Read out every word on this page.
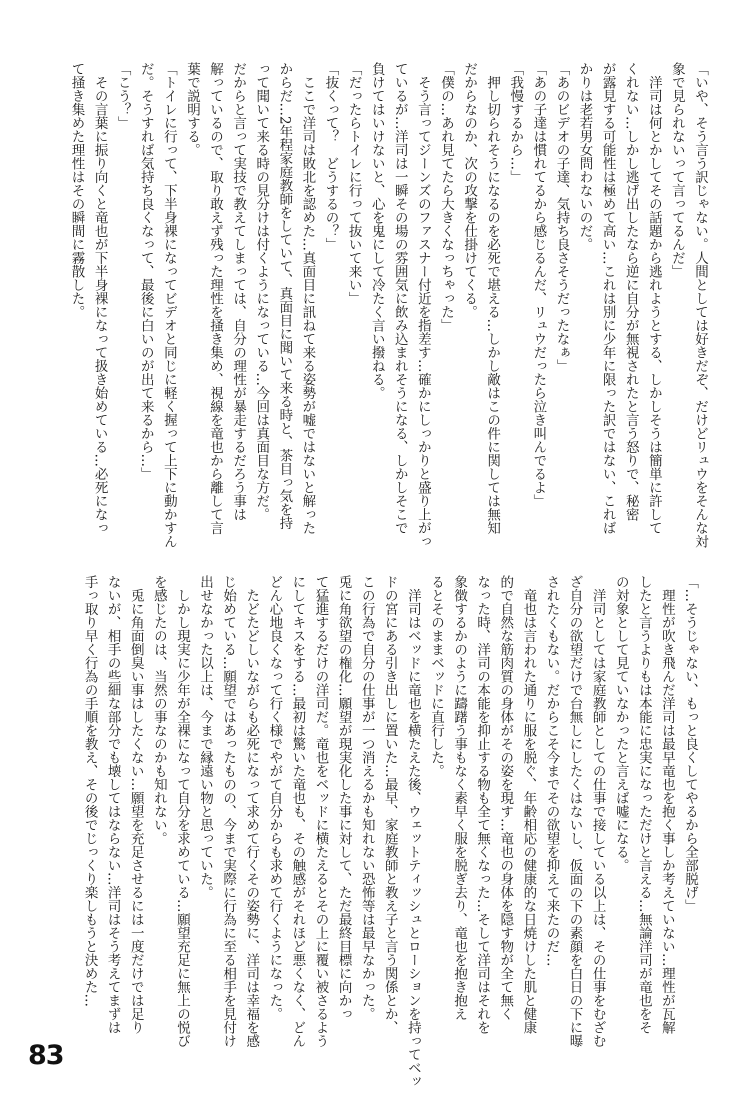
「いや、そう言う訳じゃない。人間としては好きだぞ、だけどリュウをそんな対
象で見られないって言ってるんだ」
　洋司は何とかしてその話題から逃れようとする、しかしそうは簡単に許して
くれない…しかし逃げ出したなら逆に自分が無視されたと言う怒りで、秘密
が露見する可能性は極めて高い…これは別に少年に限った訳ではない、これば
かりは老若男女問わないのだ。
「あのビデオの子達、気持ち良さそうだったなぁ」
「あの子達は慣れてるから感じるんだ、リュウだったら泣き叫んでるよ」
「我慢するから…」
　押し切られそうになるのを必死で堪える…しかし敵はこの件に関しては無知
だからなのか、次の攻撃を仕掛けてくる。
「僕の…あれ見てたら大きくなっちゃった」
　そう言ってジーンズのファスナー付近を指差す…確かにしっかりと盛り上がっ
ているが…洋司は一瞬その場の雰囲気に飲み込まれそうになる、しかしそこで
負けてはいけないと、心を鬼にして冷たく言い撥ねる。
「だったらトイレに行って抜いて来い」
「抜くって？　どうするの？」
　ここで洋司は敗北を認めた…真面目に訊ねて来る姿勢が嘘ではないと解った
からだ…2年程家庭教師をしていて、真面目に聞いて来る時と、茶目っ気を持
って聞いて来る時の見分けは付くようになっている…今回は真面目な方だ。
だからと言って実技で教えてしまっては、自分の理性が暴走するだろう事は
解っているので、取り敢えず残った理性を掻き集め、視線を竜也から離して言
葉で説明する。
「トイレに行って、下半身裸になってビデオと同じに軽く握って上下に動かすん
だ。そうすれば気持ち良くなって、最後に白いのが出て来るから…」
「こう？」
　その言葉に振り向くと竜也が下半身裸になって扱き始めている…必死になっ
て掻き集めた理性はその瞬間に霧散した。
「…そうじゃない、もっと良くしてやるから全部脱げ」
　理性が吹き飛んだ洋司は最早竜也を抱く事しか考えていない…理性が瓦解
したと言うよりもは本能に忠実になっただけと言える…無論洋司が竜也をそ
の対象として見ていなかったと言えば嘘になる。
　洋司としては家庭教師としての仕事で接している以上は、その仕事をむざむ
ざ自分の欲望だけで台無しにしたくはないし、仮面の下の素顔を白日の下に曝
されたくもない。だからこそ今までその欲望を抑えて来たのだ…
　竜也は言われた通りに服を脱ぐ、年齢相応の健康的な日焼けした肌と健康
的で自然な筋肉質の身体がその姿を現す…竜也の身体を隠す物が全て無く
なった時、洋司の本能を抑止する物も全て無くなった…そして洋司はそれを
象徴するかのように躊躇う事もなく素早く服を脱ぎ去り、竜也を抱き抱え
るとそのままベッドに直行した。
　洋司はベッドに竜也を横たえた後、ウェットティッシュとローションを持ってベッ
ドの宮にある引き出しに置いた…最早、家庭教師と教え子と言う関係とか、
この行為で自分の仕事が一つ消えるかも知れない恐怖等は最早なかった。
兎に角欲望の権化…願望が現実化した事に対して、ただ最終目標に向かっ
て猛進するだけの洋司だ。竜也をベッドに横たえるとその上に覆い被さるよう
にしてキスをする…最初は驚いた竜也も、その触感がそれほど悪くなく、どん
どん心地良くなって行く様でやがて自分からも求めて行くようになった。
　たどたどしいながらも必死になって求めて行くその姿勢に、洋司は幸福を感
じ始めている…願望ではあったものの、今まで実際に行為に至る相手を見付け
出せなかった以上は、今まで縁遠い物と思っていた。
　しかし現実に少年が全裸になって自分を求めている…願望充足に無上の悦び
を感じたのは、当然の事なのかも知れない。
　兎に角面倒臭い事はしたくない…願望を充足させるには一度だけでは足り
ないが、相手の些細な部分でも壊してはならない…洋司はそう考えてまずは
手っ取り早く行為の手順を教え、その後でじっくり楽しもうと決めた…
83
